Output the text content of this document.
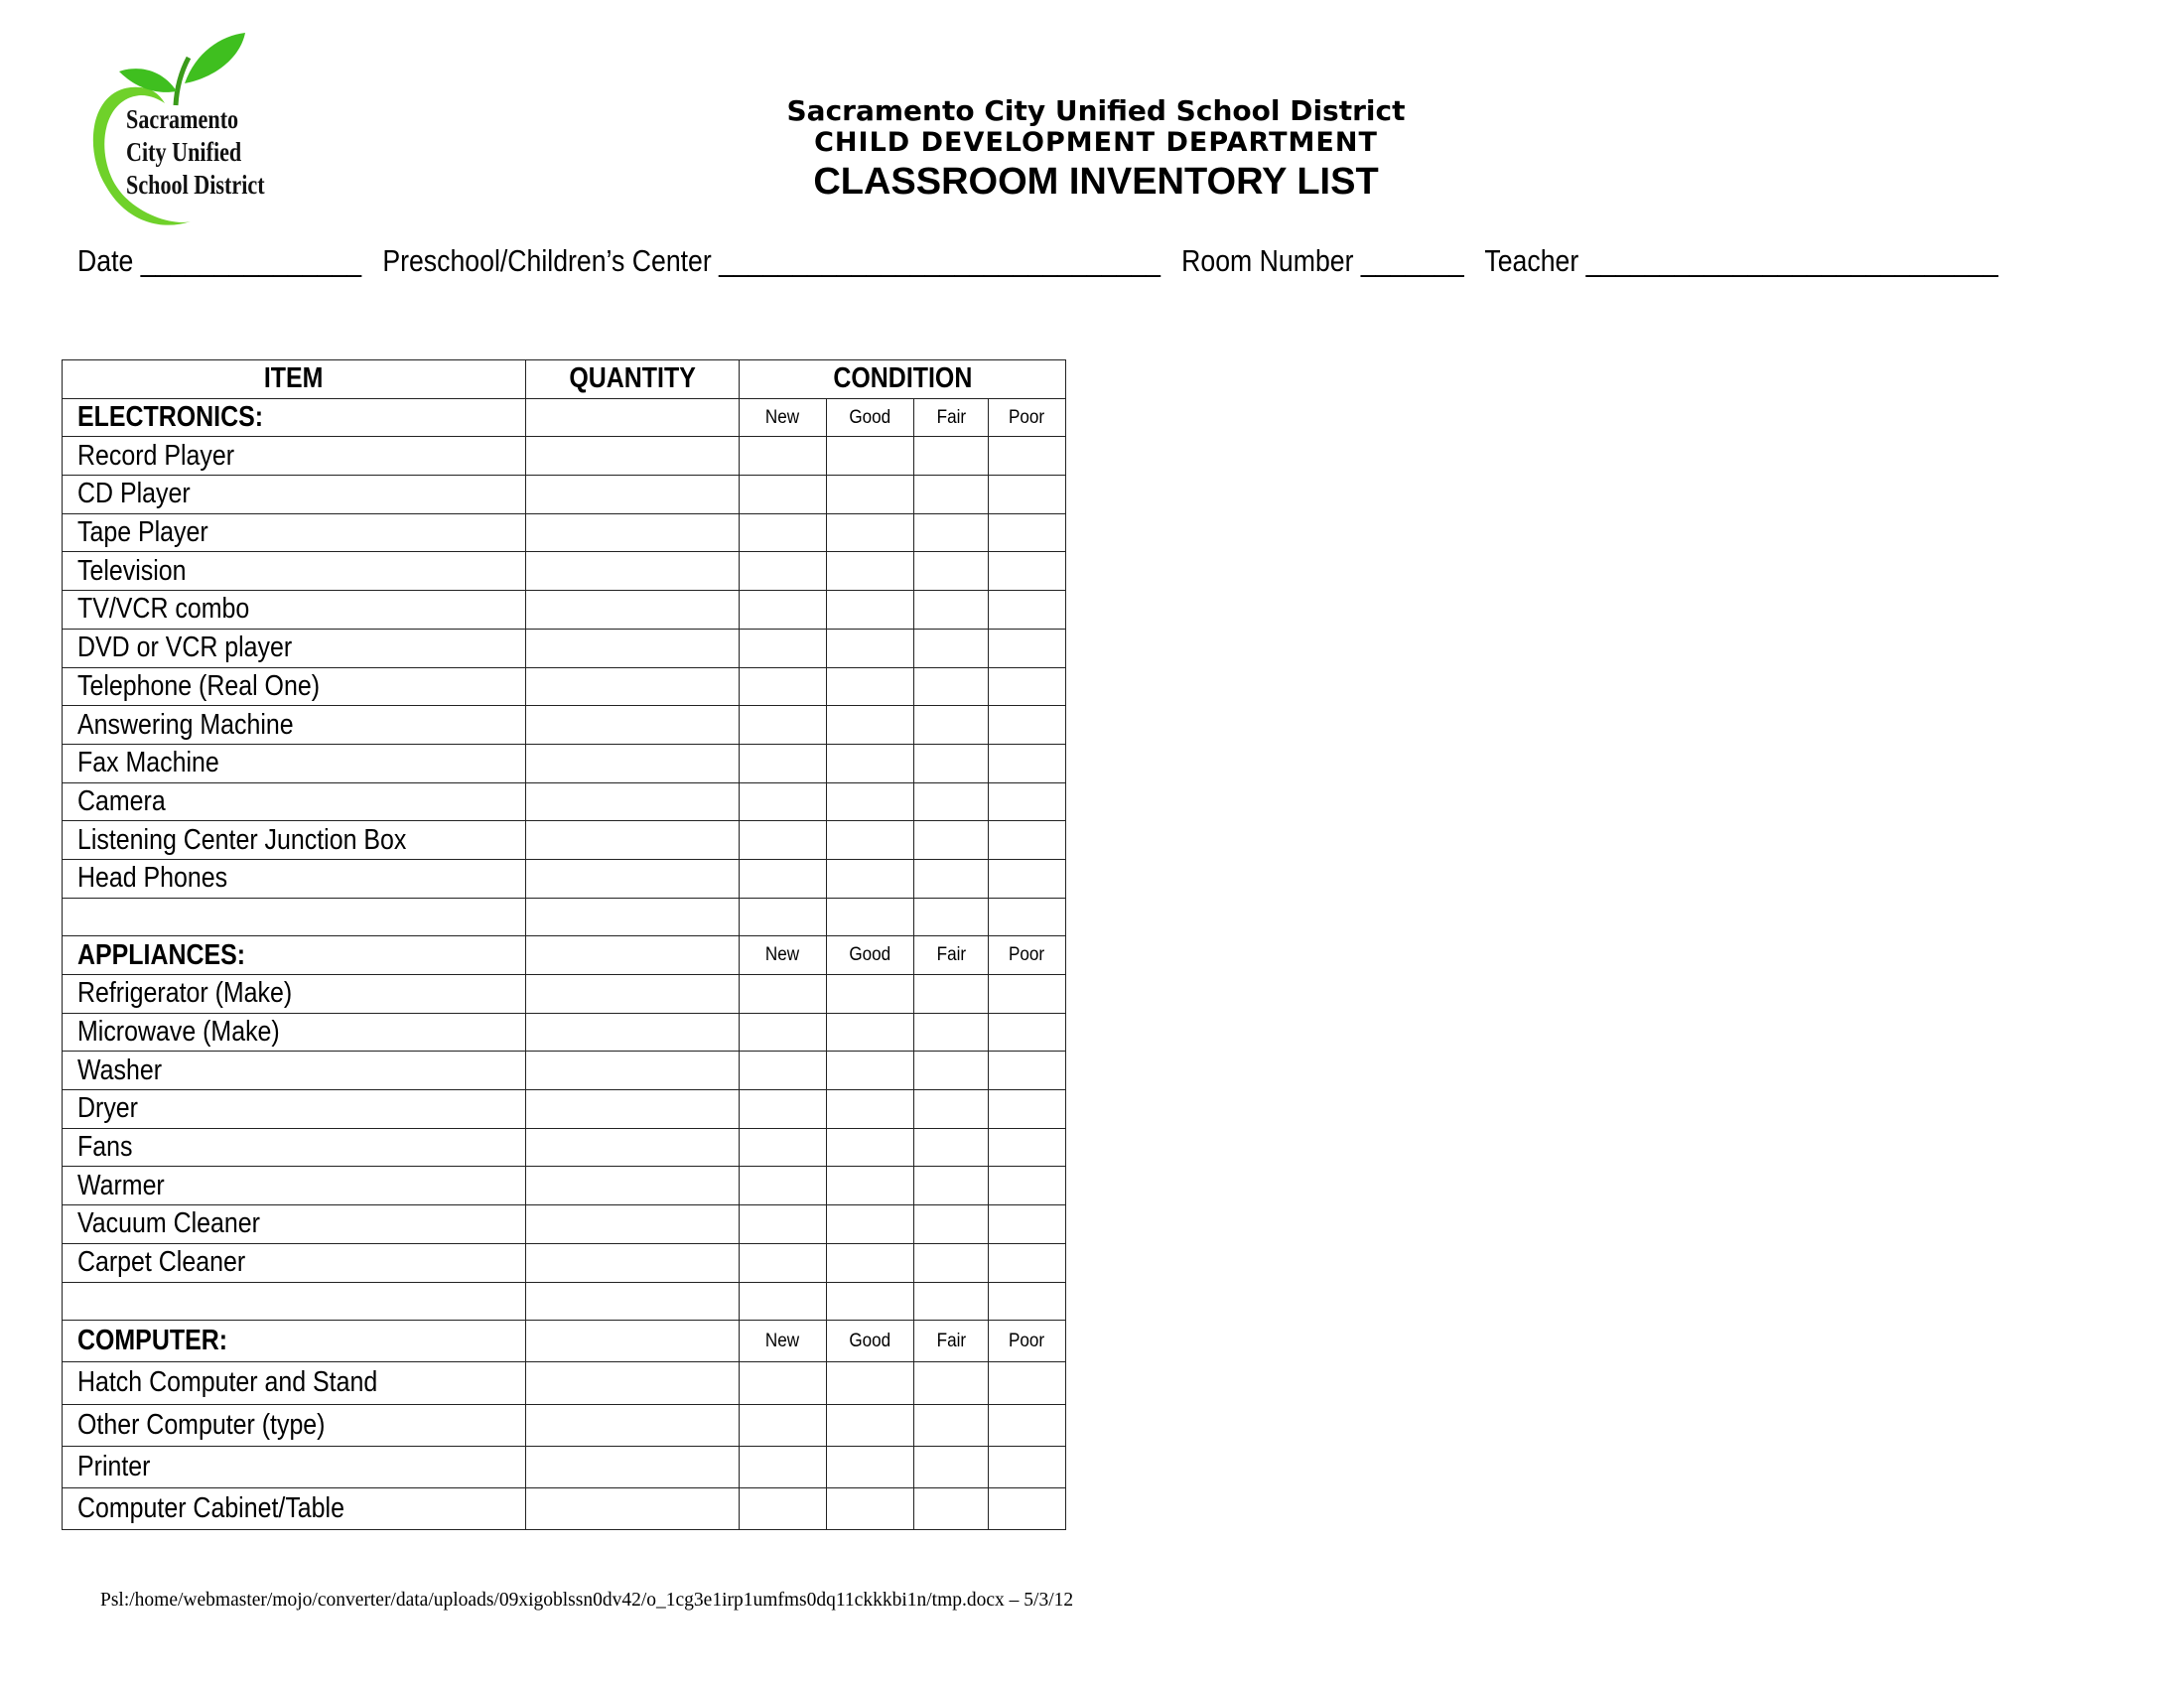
Sacramento
City Unified
School District
Sacramento City Unified School District
CHILD DEVELOPMENT DEPARTMENT
CLASSROOM INVENTORY LIST
Date _______________ Preschool/Children’s Center ______________________________ Room Number _______ Teacher ____________________________
ITEM	QUANTITY	CONDITION			
ELECTRONICS:		New	Good	Fair	Poor
Record Player					
CD Player					
Tape Player					
Television					
TV/VCR combo					
DVD or VCR player					
Telephone (Real One)					
Answering Machine					
Fax Machine					
Camera					
Listening Center Junction Box					
Head Phones					

APPLIANCES:		New	Good	Fair	Poor
Refrigerator (Make)					
Microwave (Make)					
Washer					
Dryer					
Fans					
Warmer					
Vacuum Cleaner					
Carpet Cleaner					

COMPUTER:		New	Good	Fair	Poor
Hatch Computer and Stand					
Other Computer (type)					
Printer					
Computer Cabinet/Table					
Psl:/home/webmaster/mojo/converter/data/uploads/09xigoblssn0dv42/o_1cg3e1irp1umfms0dq11ckkkbi1n/tmp.docx – 5/3/12
